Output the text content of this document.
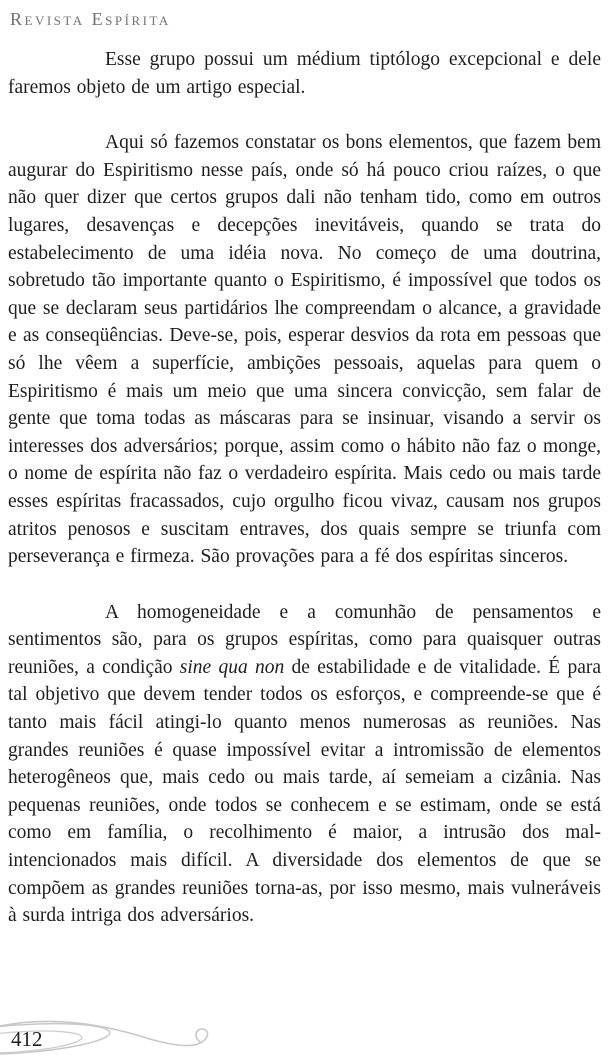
Revista Espírita

Esse grupo possui um médium tiptólogo excepcional e dele faremos objeto de um artigo especial.

Aqui só fazemos constatar os bons elementos, que fazem bem augurar do Espiritismo nesse país, onde só há pouco criou raízes, o que não quer dizer que certos grupos dali não tenham tido, como em outros lugares, desavenças e decepções inevitáveis, quando se trata do estabelecimento de uma idéia nova. No começo de uma doutrina, sobretudo tão importante quanto o Espiritismo, é impossível que todos os que se declaram seus partidários lhe compreendam o alcance, a gravidade e as conseqüências. Deve-se, pois, esperar desvios da rota em pessoas que só lhe vêem a superfície, ambições pessoais, aquelas para quem o Espiritismo é mais um meio que uma sincera convicção, sem falar de gente que toma todas as máscaras para se insinuar, visando a servir os interesses dos adversários; porque, assim como o hábito não faz o monge, o nome de espírita não faz o verdadeiro espírita. Mais cedo ou mais tarde esses espíritas fracassados, cujo orgulho ficou vivaz, causam nos grupos atritos penosos e suscitam entraves, dos quais sempre se triunfa com perseverança e firmeza. São provações para a fé dos espíritas sinceros.

A homogeneidade e a comunhão de pensamentos e sentimentos são, para os grupos espíritas, como para quaisquer outras reuniões, a condição sine qua non de estabilidade e de vitalidade. É para tal objetivo que devem tender todos os esforços, e compreende-se que é tanto mais fácil atingi-lo quanto menos numerosas as reuniões. Nas grandes reuniões é quase impossível evitar a intromissão de elementos heterogêneos que, mais cedo ou mais tarde, aí semeiam a cizânia. Nas pequenas reuniões, onde todos se conhecem e se estimam, onde se está como em família, o recolhimento é maior, a intrusão dos mal-intencionados mais difícil. A diversidade dos elementos de que se compõem as grandes reuniões torna-as, por isso mesmo, mais vulneráveis à surda intriga dos adversários.

412
